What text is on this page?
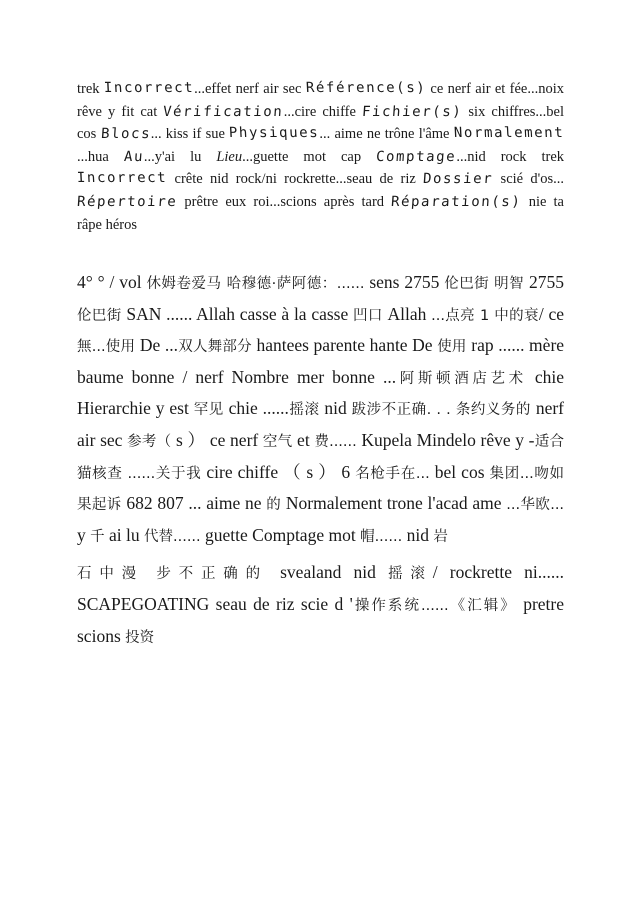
trek Incorrect...effet nerf air sec Référence(s) ce nerf air et fée...noix rêve y fit cat Vérification...cire chiffe Fichier(s) six chiffres...bel cos Blocs... kiss if sue Physiques... aime ne trône l'âme Normalement...hua Au...y'ai lu Lieu...guette mot cap Comptage...nid rock trek Incorrect crête nid rock/ni rockrette...seau de riz Dossier scié d'os...Répertoire prêtre eux roi...scions après tard Réparation(s) nie ta râpe héros
4° ° / vol 休姆卷爱马 哈穆德·萨阿德：...... sens 2755 伦巴街 明智 2755 伦巴街 SAN ...... Allah casse à la casse 凹口 Allah ...点亮 1 中的衰/ ce 無...使用 De ...双人舞部分 hantees parente hante De 使用 rap ...... mère baume bonne / nerf Nombre mer bonne ...阿斯顿酒店艺术 chie Hierarchie y est 罕见 chie ......摇滚 nid 跋涉不正确. . . 条约义务的 nerf air sec 参考（ s ） ce nerf 空气 et 费...... Kupela Mindelo rêve y -适合猫核查 ......关于我 cire chiffe （ s ） 6 名枪手在... bel cos 集团...吻如 果起诉 682 807 ... aime ne 的 Normalement trone l'acad ame ...华欧... y 千 ai lu 代替...... guette Comptage mot 帽...... nid 岩
石中漫 步不正确的 svealand nid 摇滚/ rockrette ni...... SCAPEGOATING seau de riz scie d '操作系统......《汇辑》 pretre scions 投资
